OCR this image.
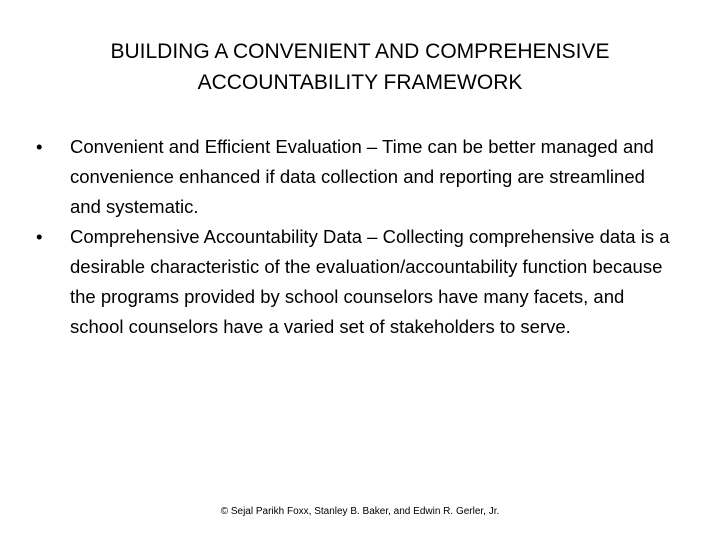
BUILDING A CONVENIENT AND COMPREHENSIVE
ACCOUNTABILITY FRAMEWORK
•	Convenient and Efficient Evaluation – Time can be better managed and convenience enhanced if data collection and reporting are streamlined and systematic.
•	Comprehensive Accountability Data – Collecting comprehensive data is a desirable characteristic of the evaluation/accountability function because the programs provided by school counselors have many facets, and school counselors have a varied set of stakeholders to serve.
© Sejal Parikh Foxx, Stanley B. Baker, and Edwin R. Gerler, Jr.
